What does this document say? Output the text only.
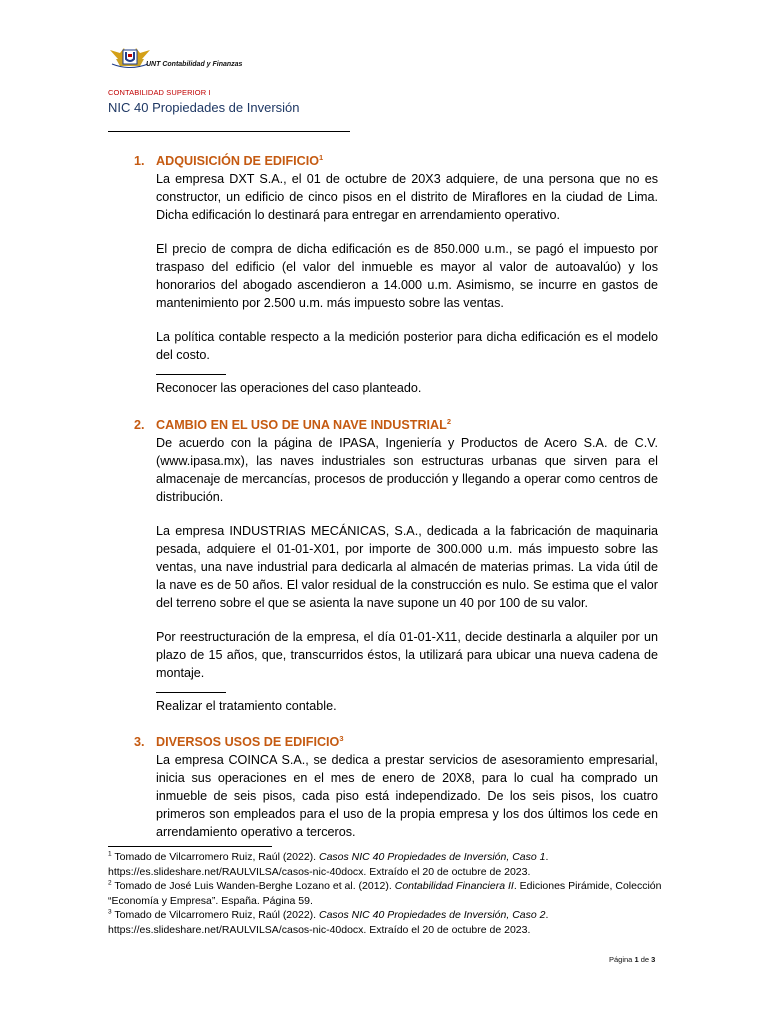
UNT Contabilidad y Finanzas
CONTABILIDAD SUPERIOR I
NIC 40 Propiedades de Inversión
1. ADQUISICIÓN DE EDIFICIO$^1$

La empresa DXT S.A., el 01 de octubre de 20X3 adquiere, de una persona que no es constructor, un edificio de cinco pisos en el distrito de Miraflores en la ciudad de Lima. Dicha edificación lo destinará para entregar en arrendamiento operativo.

El precio de compra de dicha edificación es de 850.000 u.m., se pagó el impuesto por traspaso del edificio (el valor del inmueble es mayor al valor de autoavalúo) y los honorarios del abogado ascendieron a 14.000 u.m. Asimismo, se incurre en gastos de mantenimiento por 2.500 u.m. más impuesto sobre las ventas.

La política contable respecto a la medición posterior para dicha edificación es el modelo del costo.

Reconocer las operaciones del caso planteado.

2. CAMBIO EN EL USO DE UNA NAVE INDUSTRIAL$^2$

De acuerdo con la página de IPASA, Ingeniería y Productos de Acero S.A. de C.V. (www.ipasa.mx), las naves industriales son estructuras urbanas que sirven para el almacenaje de mercancías, procesos de producción y llegando a operar como centros de distribución.

La empresa INDUSTRIAS MECÁNICAS, S.A., dedicada a la fabricación de maquinaria pesada, adquiere el 01-01-X01, por importe de 300.000 u.m. más impuesto sobre las ventas, una nave industrial para dedicarla al almacén de materias primas. La vida útil de la nave es de 50 años. El valor residual de la construcción es nulo. Se estima que el valor del terreno sobre el que se asienta la nave supone un 40 por 100 de su valor.

Por reestructuración de la empresa, el día 01-01-X11, decide destinarla a alquiler por un plazo de 15 años, que, transcurridos éstos, la utilizará para ubicar una nueva cadena de montaje.

Realizar el tratamiento contable.

3. DIVERSOS USOS DE EDIFICIO$^3$

La empresa COINCA S.A., se dedica a prestar servicios de asesoramiento empresarial, inicia sus operaciones en el mes de enero de 20X8, para lo cual ha comprado un inmueble de seis pisos, cada piso está independizado. De los seis pisos, los cuatro primeros son empleados para el uso de la propia empresa y los dos últimos los cede en arrendamiento operativo a terceros.

$^1$ Tomado de Vilcarromero Ruiz, Raúl (2022). Casos NIC 40 Propiedades de Inversión, Caso 1. https://es.slideshare.net/RAULVILSA/casos-nic-40docx. Extraído el 20 de octubre de 2023.

$^2$ Tomado de José Luis Wanden-Berghe Lozano et al. (2012). Contabilidad Financiera II. Ediciones Pirámide, Colección “Economía y Empresa”. España. Página 59.

$^3$ Tomado de Vilcarromero Ruiz, Raúl (2022). Casos NIC 40 Propiedades de Inversión, Caso 2. https://es.slideshare.net/RAULVILSA/casos-nic-40docx. Extraído el 20 de octubre de 2023.

Página 1 de 3
